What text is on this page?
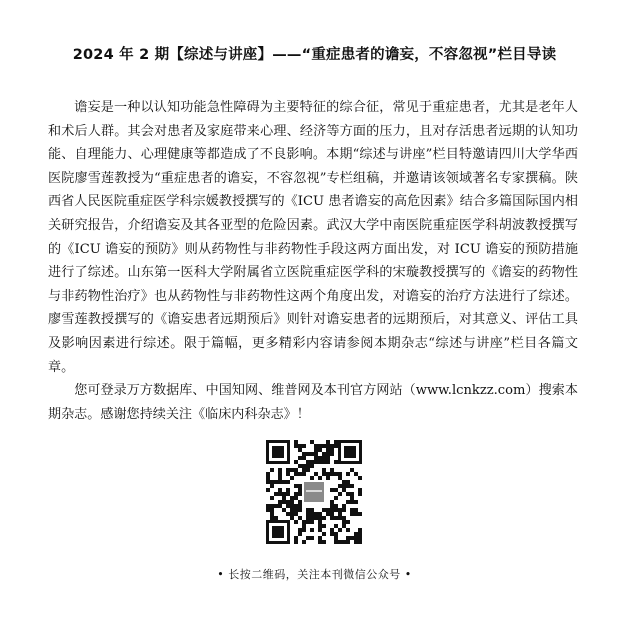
2024 年 2 期【综述与讲座】——“重症患者的谵妄，不容忽视”栏目导读

谵妄是一种以认知功能急性障碍为主要特征的综合征，常见于重症患者，尤其是老年人和术后人群。其会对患者及家庭带来心理、经济等方面的压力，且对存活患者远期的认知功能、自理能力、心理健康等都造成了不良影响。本期“综述与讲座”栏目特邀请四川大学华西医院廖雪莲教授为“重症患者的谵妄，不容忽视”专栏组稿，并邀请该领域著名专家撰稿。陕西省人民医院重症医学科宗媛教授撰写的《ICU 患者谵妄的高危因素》结合多篇国际国内相关研究报告，介绍谵妄及其各亚型的危险因素。武汉大学中南医院重症医学科胡波教授撰写的《ICU 谵妄的预防》则从药物性与非药物性手段这两方面出发，对 ICU 谵妄的预防措施进行了综述。山东第一医科大学附属省立医院重症医学科的宋璇教授撰写的《谵妄的药物性与非药物性治疗》也从药物性与非药物性这两个角度出发，对谵妄的治疗方法进行了综述。廖雪莲教授撰写的《谵妄患者远期预后》则针对谵妄患者的远期预后，对其意义、评估工具及影响因素进行综述。限于篇幅，更多精彩内容请参阅本期杂志“综述与讲座”栏目各篇文章。

您可登录万方数据库、中国知网、维普网及本刊官方网站（www.lcnkzz.com）搜索本期杂志。感谢您持续关注《临床内科杂志》！

• 长按二维码，关注本刊微信公众号 •
